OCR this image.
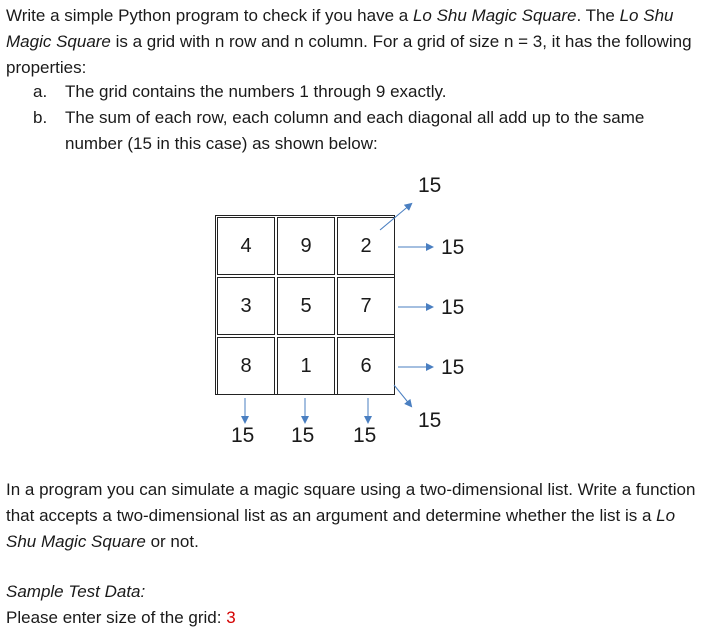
Write a simple Python program to check if you have a Lo Shu Magic Square. The Lo Shu Magic Square is a grid with n row and n column. For a grid of size n = 3, it has the following properties:

a. The grid contains the numbers 1 through 9 exactly.
b. The sum of each row, each column and each diagonal all add up to the same number (15 in this case) as shown below:
4	9	2
3	5	7
8	1	6
15
15
15
15
15
15 15 15

In a program you can simulate a magic square using a two-dimensional list. Write a function that accepts a two-dimensional list as an argument and determine whether the list is a Lo Shu Magic Square or not.

Sample Test Data:

Please enter size of the grid: 3
